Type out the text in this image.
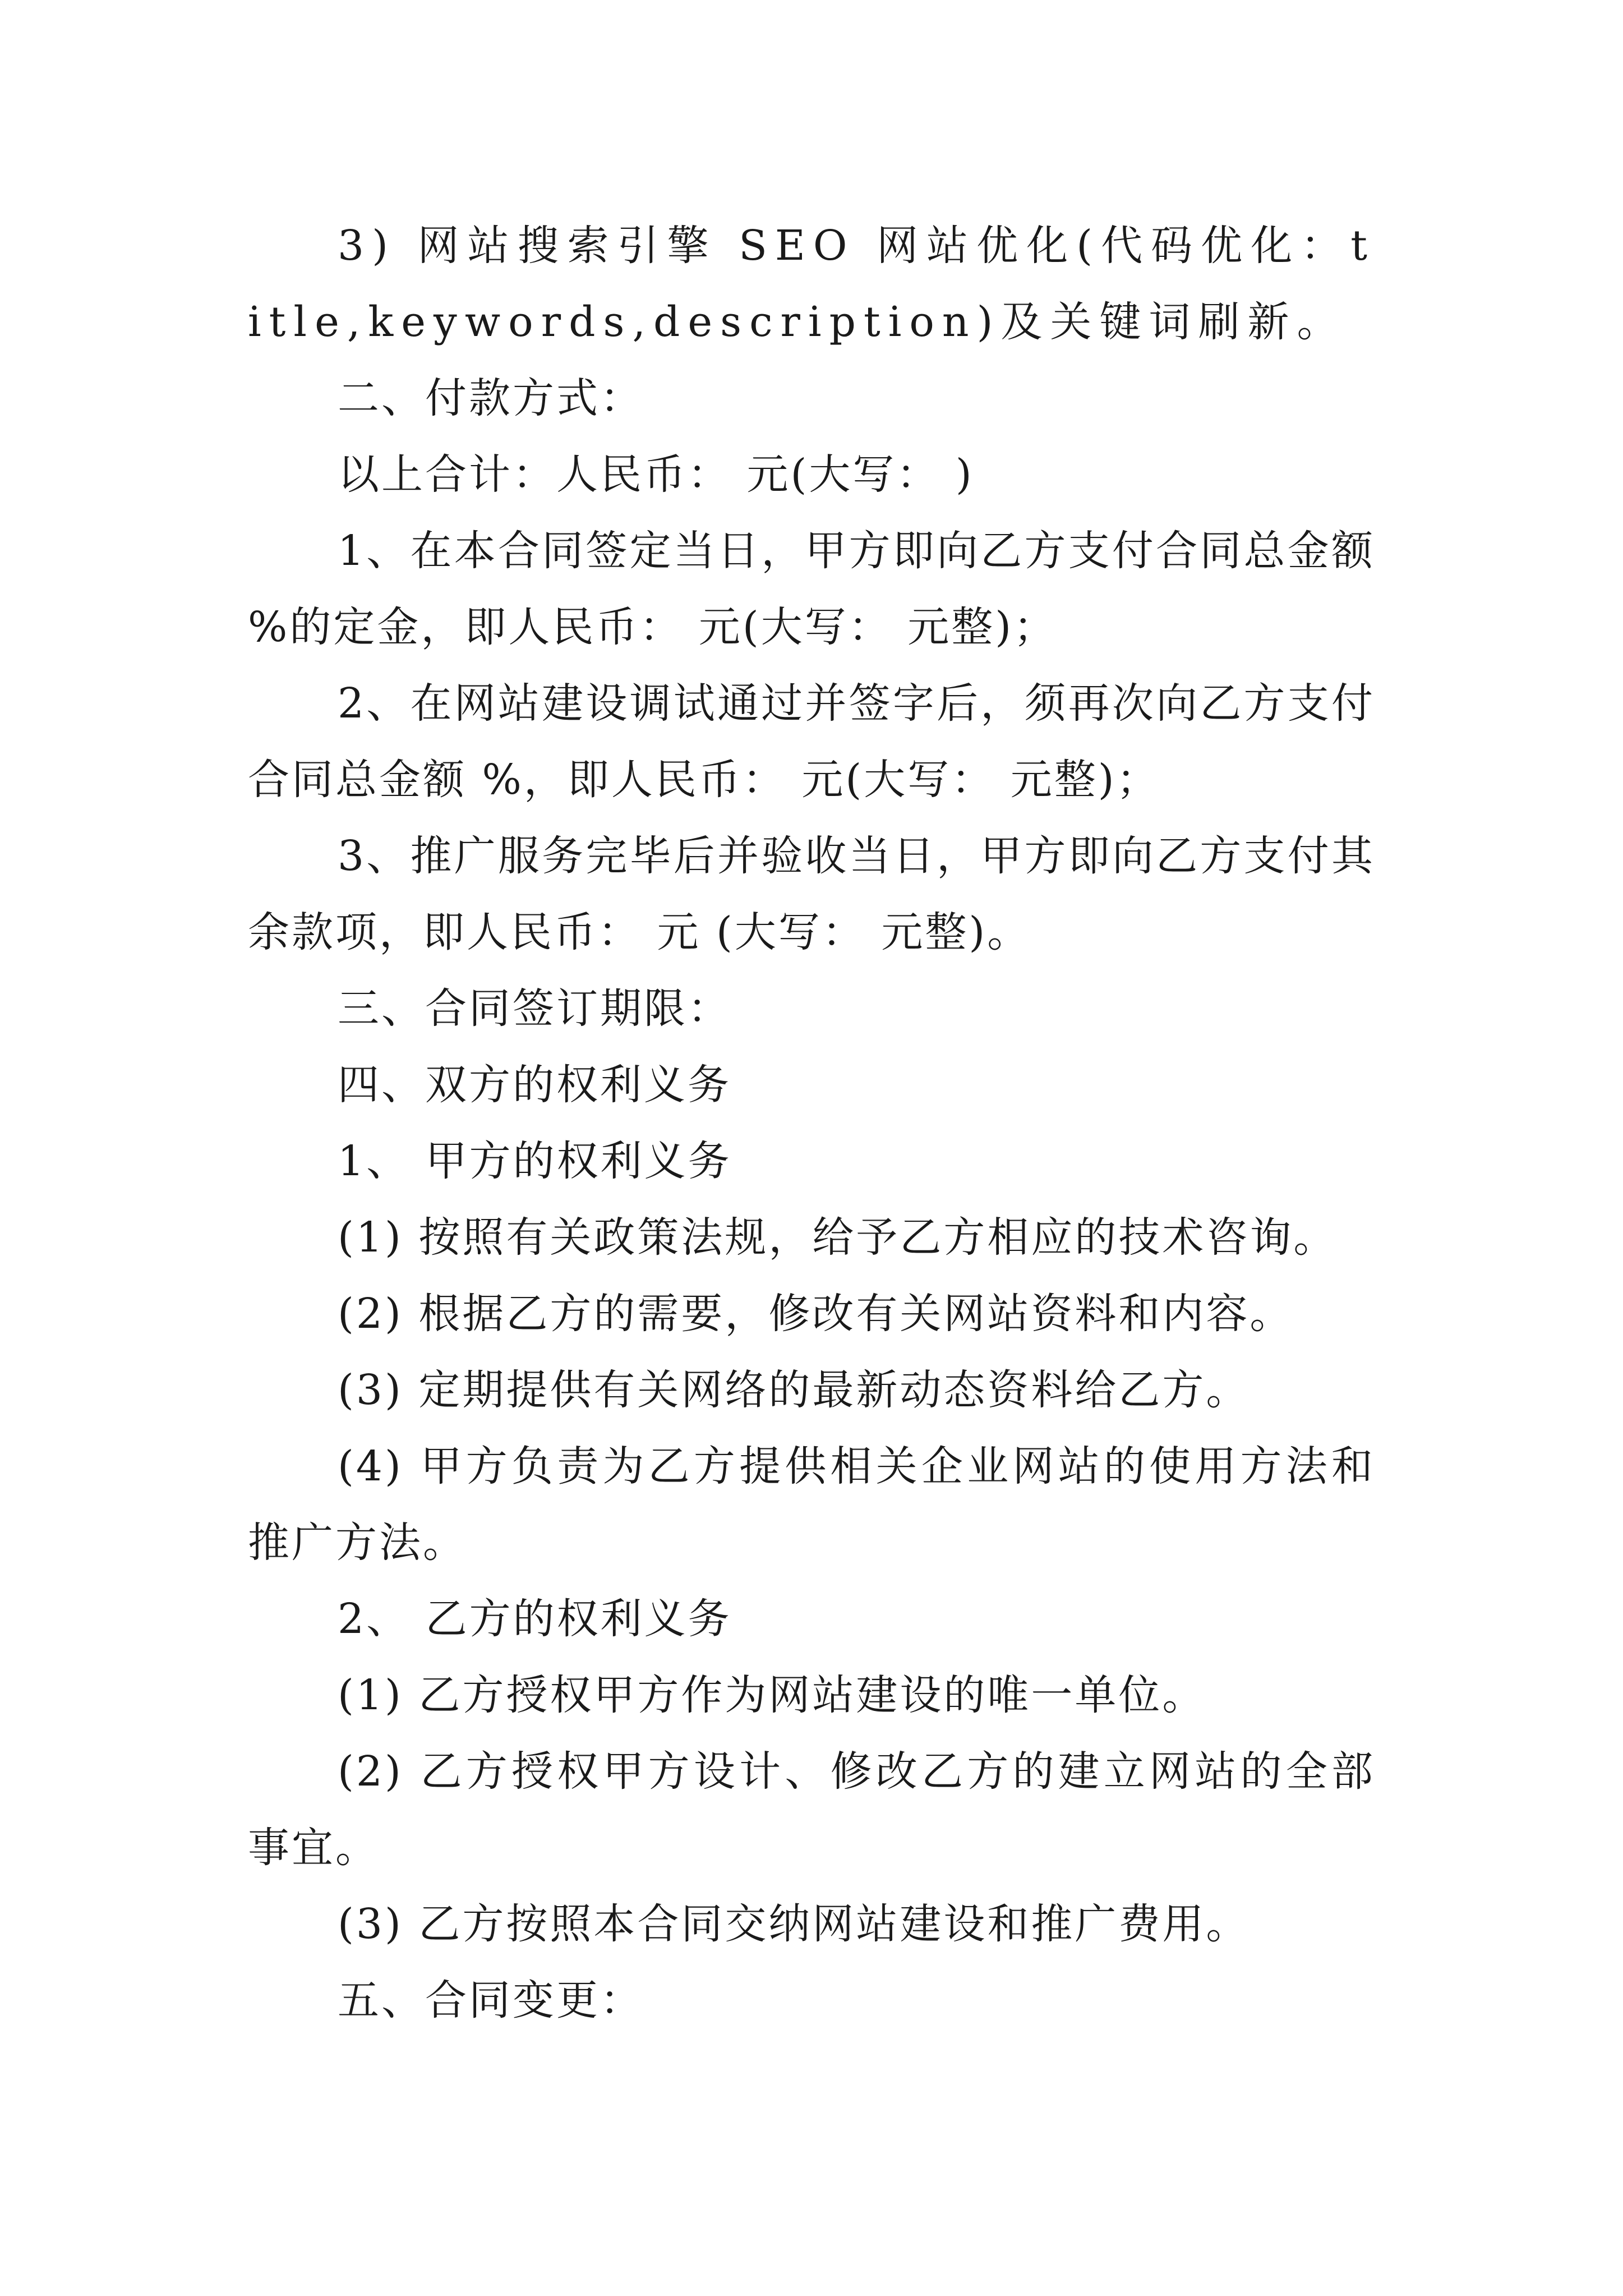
3) 网站搜索引擎 SEO 网站优化(代码优化：title,keywords,description)及关键词刷新。

二、付款方式：

以上合计：人民币： 元(大写： )

1、在本合同签定当日，甲方即向乙方支付合同总金额 %的定金，即人民币： 元(大写： 元整)；

2、在网站建设调试通过并签字后，须再次向乙方支付合同总金额 %，即人民币： 元(大写： 元整)；

3、推广服务完毕后并验收当日，甲方即向乙方支付其余款项，即人民币： 元 (大写： 元整)。

三、合同签订期限：

四、双方的权利义务

1、 甲方的权利义务

(1) 按照有关政策法规，给予乙方相应的技术咨询。

(2) 根据乙方的需要，修改有关网站资料和内容。

(3) 定期提供有关网络的最新动态资料给乙方。

(4) 甲方负责为乙方提供相关企业网站的使用方法和推广方法。

2、 乙方的权利义务

(1) 乙方授权甲方作为网站建设的唯一单位。

(2) 乙方授权甲方设计、修改乙方的建立网站的全部事宜。

(3) 乙方按照本合同交纳网站建设和推广费用。

五、合同变更：
